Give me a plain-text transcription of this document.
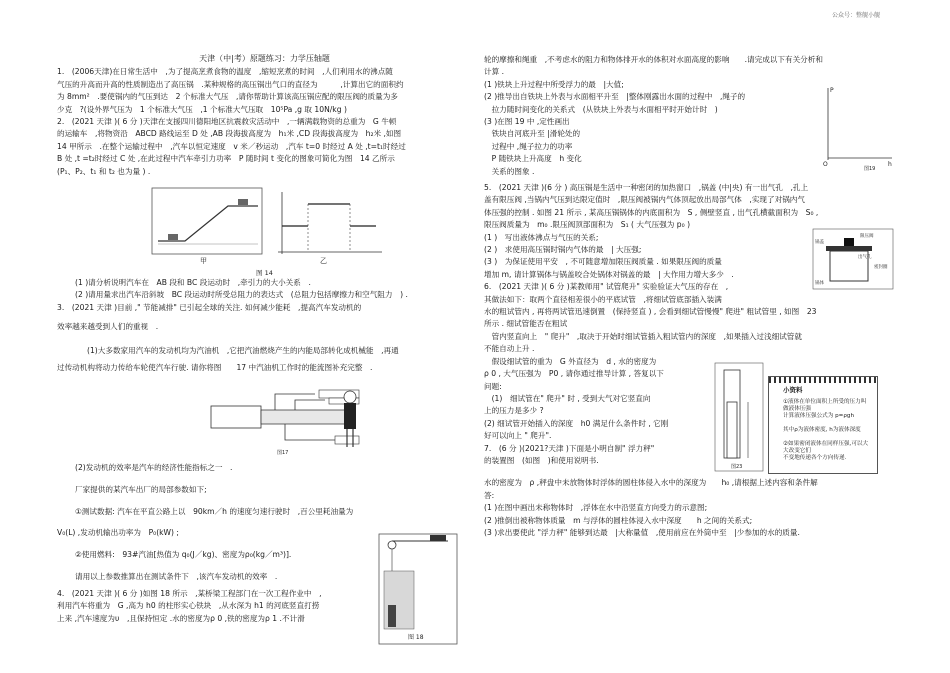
公众号：整舰小舰
天津（中|考）原题练习：力学压轴题
1.　(2006天津)在日常生活中　,为了提高烹煮食物的温度　,缩短烹煮的时间　,人们利用水的沸点随
气压的升高而升高的性质制造出了高压锅　.某种规格的高压锅出气口的直径为　　　,计算出它的面积约
为 8mm²　.要使锅内的气压到达　2 个标准大气压　,请你帮助计算该高压锅应配的限压阀的质量为多
少克　?(设外界气压为　1 个标准大气压　,1 个标准大气压取　10⁵Pa ,g 取 10N/kg )
2.　(2021 天津 )( 6 分 )天津在支援四川德阳地区抗震救灾活动中　,一辆满载物资的总重为　G 牛顿
的运输车　,将物资沿　ABCD 路线运至 D 处 ,AB 段海拔高度为　h₁米 ,CD 段海拔高度为　h₂米 ,如图
14 甲所示　.在整个运输过程中　,汽车以恒定速度　v 米／秒运动　,汽车 t=0 时经过 A 处 ,t=t₁时经过
B 处 ,t =t₂时经过 C 处 ,在此过程中汽车牵引力功率　P 随时间 t 变化的图象可简化为图　14 乙所示
(P₁、P₂、t₁ 和 t₂ 也为量 ) .
甲	乙
图 14
(1 )请分析说明汽车在　AB 段和 BC 段运动时　,牵引力的大小关系　.
(2 )请用量求出汽车沿斜坡　BC 段运动时所受总阻力的表达式　(总阻力包括摩擦力和空气阻力　) .
3.　(2021 天津 )目前 ," 节能减排" 已引起全球的关注. 如何减少能耗　,提高汽车发动机的
效率越来越受到人们的重视　.
(1)大多数家用汽车的发动机均为汽油机　,它把汽油燃烧产生的内能局部转化成机械能　,再通
过传动机构将动力传给车轮使汽车行驶. 请你将图　　17 中汽油机工作时的能流图补充完整　.
图17
(2)发动机的效率是汽车的经济性能指标之一　.
厂家提供的某汽车出厂的局部参数如下;
①测试数据: 汽车在平直公路上以　90km／h 的速度匀速行驶时　,百公里耗油量为
V₀(L) ,发动机输出功率为　P₀(kW) ;
②使用燃料:　93#汽油[热值为 q₀(J／kg)、密度为ρ₀(kg／m³)].
请用以上参数推算出在测试条件下　,该汽车发动机的效率　.
4.　(2021 天津 )( 6 分 )如图 18 所示　,某桥梁工程部门在一次工程作业中　,
利用汽车将重为　G ,高为 h0 的柱形实心铁块　,从水深为 h1 的河底竖直打捞
上来 ,汽车速度为υ　,且保持恒定 .水的密度为ρ 0 ,铁的密度为ρ 1 .不计滑
图 18
轮的摩擦和绳重　,不考虑水的阻力和物体排开水的体积对水面高度的影响　　.请完成以下有关分析和
计算 .
(1 )铁块上升过程中所受浮力的最　|大值;
(2 )推导出自铁块上外表与水面相平升至　|整体刚露出水面的过程中　,绳子的
　拉力随时间变化的关系式　(从铁块上外表与水面相平时开始计时　)
(3 )在图 19 中 ,定性画出
　铁块自河底升至 |滑轮处的
　过程中 ,绳子拉力的功率
　P 随铁块上升高度　h 变化
　关系的图象 .
P
h
O
图19
5.　(2021 天津 )(6 分 ) 高压锅是生活中一种密闭的加热窗口　,锅盖 (中|央) 有一出气孔　,孔上
盖有限压阀 ,当锅内气压到达限定值时　,限压阀被锅内气体顶起放出局部气体　,实现了对锅内气
体压强的控制 . 如图 21 所示 , 某高压锅锅体的内底面积为　S , 侧壁竖直 , 出气孔横截面积为　S₀ ,
限压阀质量为　m₀ .限压阀顶部面积为　S₁ ( 大气压强为 p₀ )
(1 )　写出液体沸点与气压的关系;
(2 )　求使用高压锅时锅内气体的最　| 大压强;
(3 )　为保证使用平安　, 不可随意增加限压阀质量 . 如果限压阀的质量
增加 m, 请计算锅体与锅盖咬合处锅体对锅盖的最　| 大作用力增大多少　.
6.　(2021 天津 )( 6 分 )某教师用" 试管爬升" 实验验证大气压的存在　,
其做法如下：取两个直径相差很小的平底试管　,将细试管底部插入装满
水的粗试管内 , 再将两试管迅速倒置　(保持竖直 ) , 会看到细试管慢慢" 爬进" 粗试管里 , 如图　23
所示 . 细试管能否在粗试
　管内竖直向上　" 爬升"　,取决于开始时细试管插入粗试管内的深度　,如果插入过浅细试管就
不能自动上升 .
　假设细试管的重为　G 外直径为　d , 水的密度为
ρ 0 , 大气压强为　P0 , 请你通过推导计算 , 答复以下
问题:
　(1)　细试管在" 爬升" 时 , 受到大气对它竖直向
上的压力是多少 ?
(2) 细试管开始插入的深度　h0 满足什么条件时 , 它刚
好可以向上 " 爬升".
7.　(6 分 )(2021?天津 )下面是小明自制" 浮力秤"
的装置图　(如图　)和使用说明书.
水的密度为　ρ ,秤盘中未放物体时浮体的圆柱体侵入水中的深度为　　h₀ ,请根据上述内容和条件解
答:
(1 )在图中画出未称物体时　,浮体在水中沿竖直方向受力的示意图;
(2 )推倒出被称物体质量　m 与浮体的圆柱体浸入水中深度　　h 之间的关系式;
(3 )求出要使此 "浮力秤" 能够到达最　|大称量值　,使用前应在外筒中至　|少参加的水的质量.
锅盖
限压阀
出气孔
锅体
密封圈
图23
小资料
①液体在单位面积上所受的压力叫做液体压强
计算液体压强公式为 p=ρgh
其中ρ为液体密度, h为液体深度
②如果密闭液体在同样压强,可以大大改变它们
不变地传递各个方向传递.
